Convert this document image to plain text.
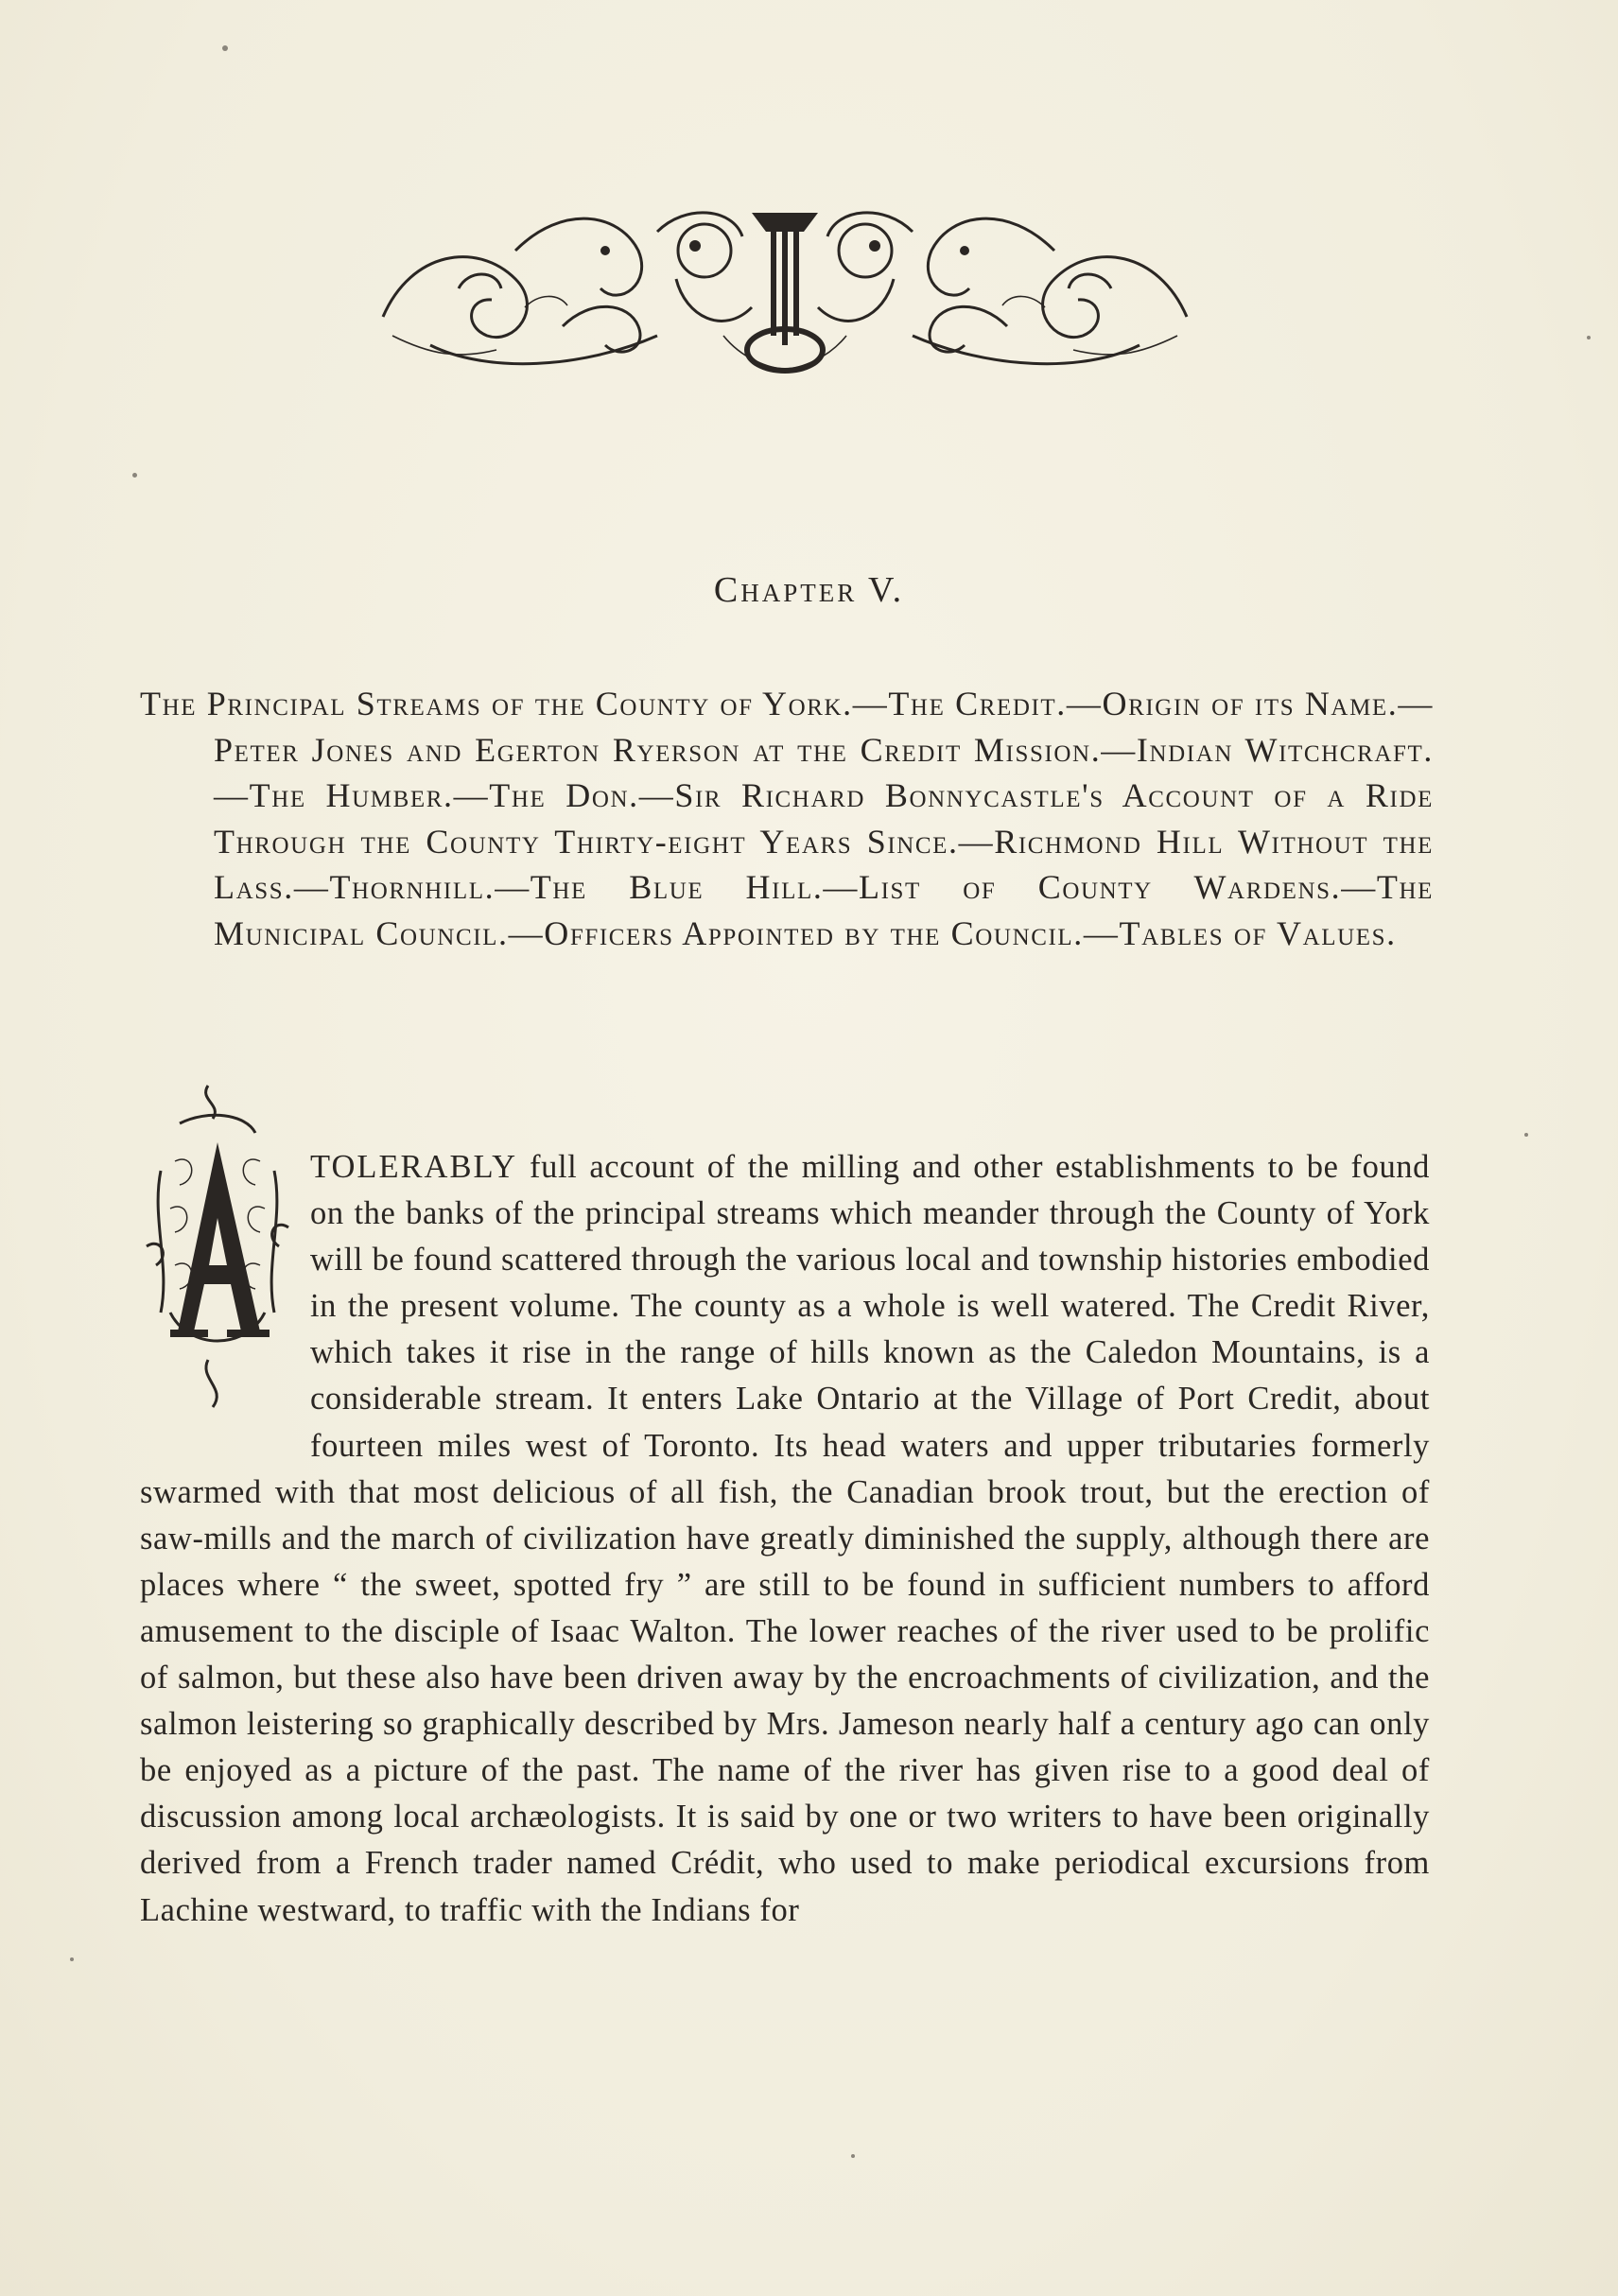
Chapter V.
The Principal Streams of the County of York.—The Credit.—Origin of its Name.—Peter Jones and Egerton Ryerson at the Credit Mission.—Indian Witchcraft.—The Humber.—The Don.—Sir Richard Bonnycastle's Account of a Ride Through the County Thirty-eight Years Since.—Richmond Hill Without the Lass.—Thornhill.—The Blue Hill.—List of County Wardens.—The Municipal Council.—Officers Appointed by the Council.—Tables of Values.
TOLERABLY full account of the milling and other establishments to be found on the banks of the principal streams which meander through the County of York will be found scattered through the various local and township histories embodied in the present volume. The county as a whole is well watered. The Credit River, which takes it rise in the range of hills known as the Caledon Mountains, is a considerable stream. It enters Lake Ontario at the Village of Port Credit, about fourteen miles west of Toronto. Its head waters and upper tributaries formerly swarmed with that most delicious of all fish, the Canadian brook trout, but the erection of saw-mills and the march of civilization have greatly diminished the supply, although there are places where “ the sweet, spotted fry ” are still to be found in sufficient numbers to afford amusement to the disciple of Isaac Walton. The lower reaches of the river used to be prolific of salmon, but these also have been driven away by the encroachments of civilization, and the salmon leistering so graphically described by Mrs. Jameson nearly half a century ago can only be enjoyed as a picture of the past. The name of the river has given rise to a good deal of discussion among local archæologists. It is said by one or two writers to have been originally derived from a French trader named Crédit, who used to make periodical excursions from Lachine westward, to traffic with the Indians for
